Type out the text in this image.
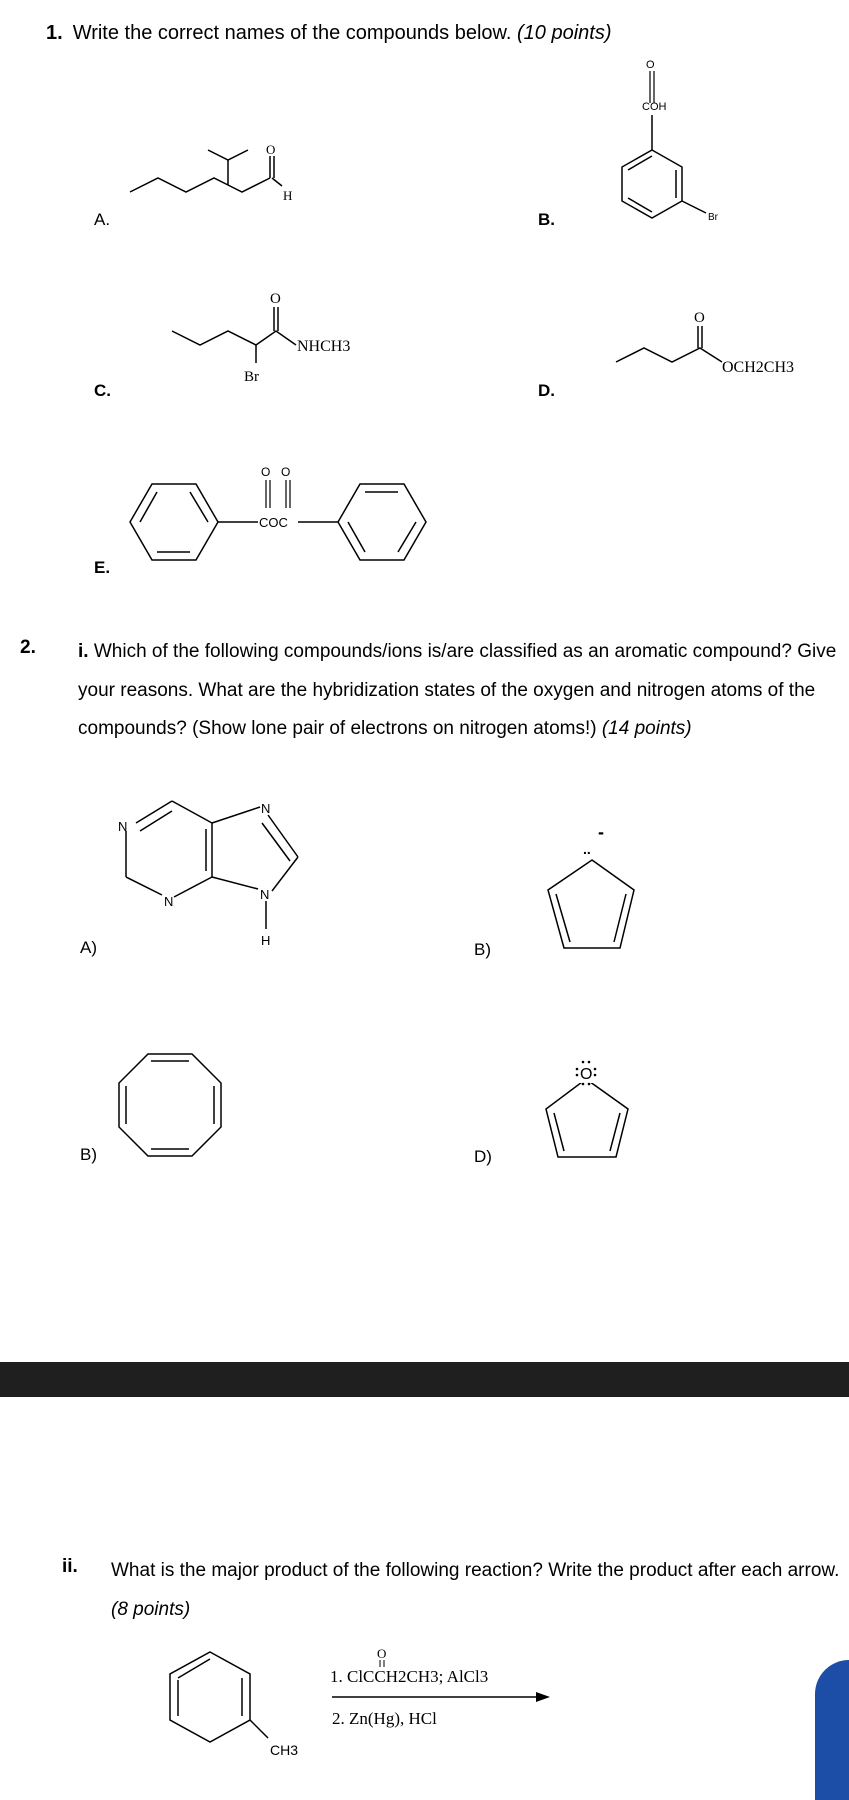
1. Write the correct names of the compounds below. (10 points)
A.	B.
C.	D.
E.
O
H
O
COH
Br
O
NHCH3
Br
O
OCH2CH3
O O
COC
2. i. Which of the following compounds/ions is/are classified as an aromatic compound? Give your reasons. What are the hybridization states of the oxygen and nitrogen atoms of the compounds? (Show lone pair of electrons on nitrogen atoms!) (14 points)
A)	B)
B)	D)
N
N
N	N
H
..
-
O
ii. What is the major product of the following reaction? Write the product after each arrow. (8 points)
CH3
O
1. ClCCH2CH3; AlCl3
2. Zn(Hg), HCl
